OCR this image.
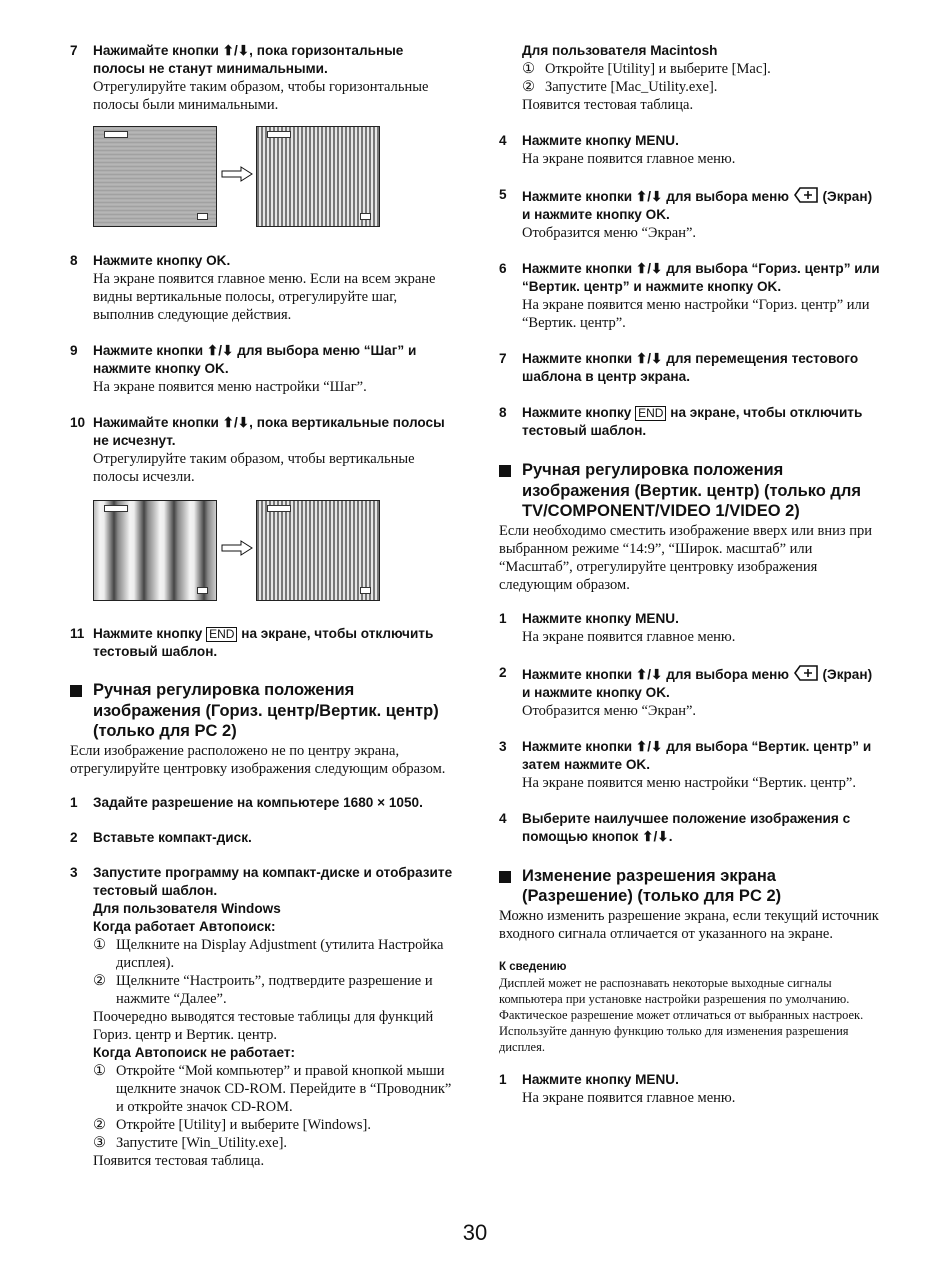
7 Нажимайте кнопки ⬆/⬇, пока горизонтальные полосы не станут минимальными.
Отрегулируйте таким образом, чтобы горизонтальные полосы были минимальными.
8 Нажмите кнопку OK.
На экране появится главное меню. Если на всем экране видны вертикальные полосы, отрегулируйте шаг, выполнив следующие действия.
9 Нажмите кнопки ⬆/⬇ для выбора меню “Шаг” и нажмите кнопку OK.
На экране появится меню настройки “Шаг”.
10 Нажимайте кнопки ⬆/⬇, пока вертикальные полосы не исчезнут.
Отрегулируйте таким образом, чтобы вертикальные полосы исчезли.
11 Нажмите кнопку END на экране, чтобы отключить тестовый шаблон.
Ручная регулировка положения изображения (Гориз. центр/Вертик. центр) (только для PC 2)
Если изображение расположено не по центру экрана, отрегулируйте центровку изображения следующим образом.
1 Задайте разрешение на компьютере 1680 × 1050.
2 Вставьте компакт-диск.
3 Запустите программу на компакт-диске и отобразите тестовый шаблон.
Для пользователя Windows
Когда работает Автопоиск:
① Щелкните на Display Adjustment (утилита Настройка дисплея).
② Щелкните “Настроить”, подтвердите разрешение и нажмите “Далее”.
Поочередно выводятся тестовые таблицы для функций Гориз. центр и Вертик. центр.
Когда Автопоиск не работает:
① Откройте “Мой компьютер” и правой кнопкой мыши щелкните значок CD-ROM. Перейдите в “Проводник” и откройте значок CD-ROM.
② Откройте [Utility] и выберите [Windows].
③ Запустите [Win_Utility.exe].
Появится тестовая таблица.
Для пользователя Macintosh
① Откройте [Utility] и выберите [Mac].
② Запустите [Mac_Utility.exe].
Появится тестовая таблица.
4 Нажмите кнопку MENU.
На экране появится главное меню.
5 Нажмите кнопки ⬆/⬇ для выбора меню (Экран) и нажмите кнопку OK.
Отобразится меню “Экран”.
6 Нажмите кнопки ⬆/⬇ для выбора “Гориз. центр” или “Вертик. центр” и нажмите кнопку OK.
На экране появится меню настройки “Гориз. центр” или “Вертик. центр”.
7 Нажмите кнопки ⬆/⬇ для перемещения тестового шаблона в центр экрана.
8 Нажмите кнопку END на экране, чтобы отключить тестовый шаблон.
Ручная регулировка положения изображения (Вертик. центр) (только для TV/COMPONENT/VIDEO 1/VIDEO 2)
Если необходимо сместить изображение вверх или вниз при выбранном режиме “14:9”, “Широк. масштаб” или “Масштаб”, отрегулируйте центровку изображения следующим образом.
1 Нажмите кнопку MENU.
На экране появится главное меню.
2 Нажмите кнопки ⬆/⬇ для выбора меню (Экран) и нажмите кнопку OK.
Отобразится меню “Экран”.
3 Нажмите кнопки ⬆/⬇ для выбора “Вертик. центр” и затем нажмите OK.
На экране появится меню настройки “Вертик. центр”.
4 Выберите наилучшее положение изображения с помощью кнопок ⬆/⬇.
Изменение разрешения экрана (Разрешение) (только для PC 2)
Можно изменить разрешение экрана, если текущий источник входного сигнала отличается от указанного на экране.
К сведению
Дисплей может не распознавать некоторые выходные сигналы компьютера при установке настройки разрешения по умолчанию. Фактическое разрешение может отличаться от выбранных настроек. Используйте данную функцию только для изменения разрешения дисплея.
1 Нажмите кнопку MENU.
На экране появится главное меню.
30
